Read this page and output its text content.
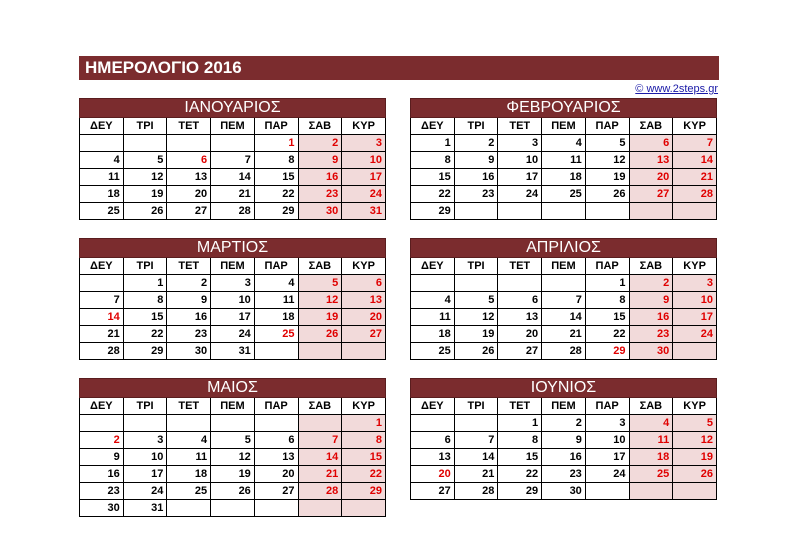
ΗΜΕΡΟΛΟΓΙΟ 2016
© www.2steps.gr
ΙΑΝΟΥΑΡΙΟΣ						
ΔΕΥ	ΤΡΙ	ΤΕΤ	ΠΕΜ	ΠΑΡ	ΣΑΒ	ΚΥΡ
				1	2	3
4	5	6	7	8	9	10
11	12	13	14	15	16	17
18	19	20	21	22	23	24
25	26	27	28	29	30	31
ΦΕΒΡΟΥΑΡΙΟΣ						
ΔΕΥ	ΤΡΙ	ΤΕΤ	ΠΕΜ	ΠΑΡ	ΣΑΒ	ΚΥΡ
1	2	3	4	5	6	7
8	9	10	11	12	13	14
15	16	17	18	19	20	21
22	23	24	25	26	27	28
29						
ΜΑΡΤΙΟΣ						
ΔΕΥ	ΤΡΙ	ΤΕΤ	ΠΕΜ	ΠΑΡ	ΣΑΒ	ΚΥΡ
	1	2	3	4	5	6
7	8	9	10	11	12	13
14	15	16	17	18	19	20
21	22	23	24	25	26	27
28	29	30	31			
ΑΠΡΙΛΙΟΣ						
ΔΕΥ	ΤΡΙ	ΤΕΤ	ΠΕΜ	ΠΑΡ	ΣΑΒ	ΚΥΡ
				1	2	3
4	5	6	7	8	9	10
11	12	13	14	15	16	17
18	19	20	21	22	23	24
25	26	27	28	29	30	
ΜΑΙΟΣ						
ΔΕΥ	ΤΡΙ	ΤΕΤ	ΠΕΜ	ΠΑΡ	ΣΑΒ	ΚΥΡ
						1
2	3	4	5	6	7	8
9	10	11	12	13	14	15
16	17	18	19	20	21	22
23	24	25	26	27	28	29
30	31					
ΙΟΥΝΙΟΣ						
ΔΕΥ	ΤΡΙ	ΤΕΤ	ΠΕΜ	ΠΑΡ	ΣΑΒ	ΚΥΡ
		1	2	3	4	5
6	7	8	9	10	11	12
13	14	15	16	17	18	19
20	21	22	23	24	25	26
27	28	29	30			
